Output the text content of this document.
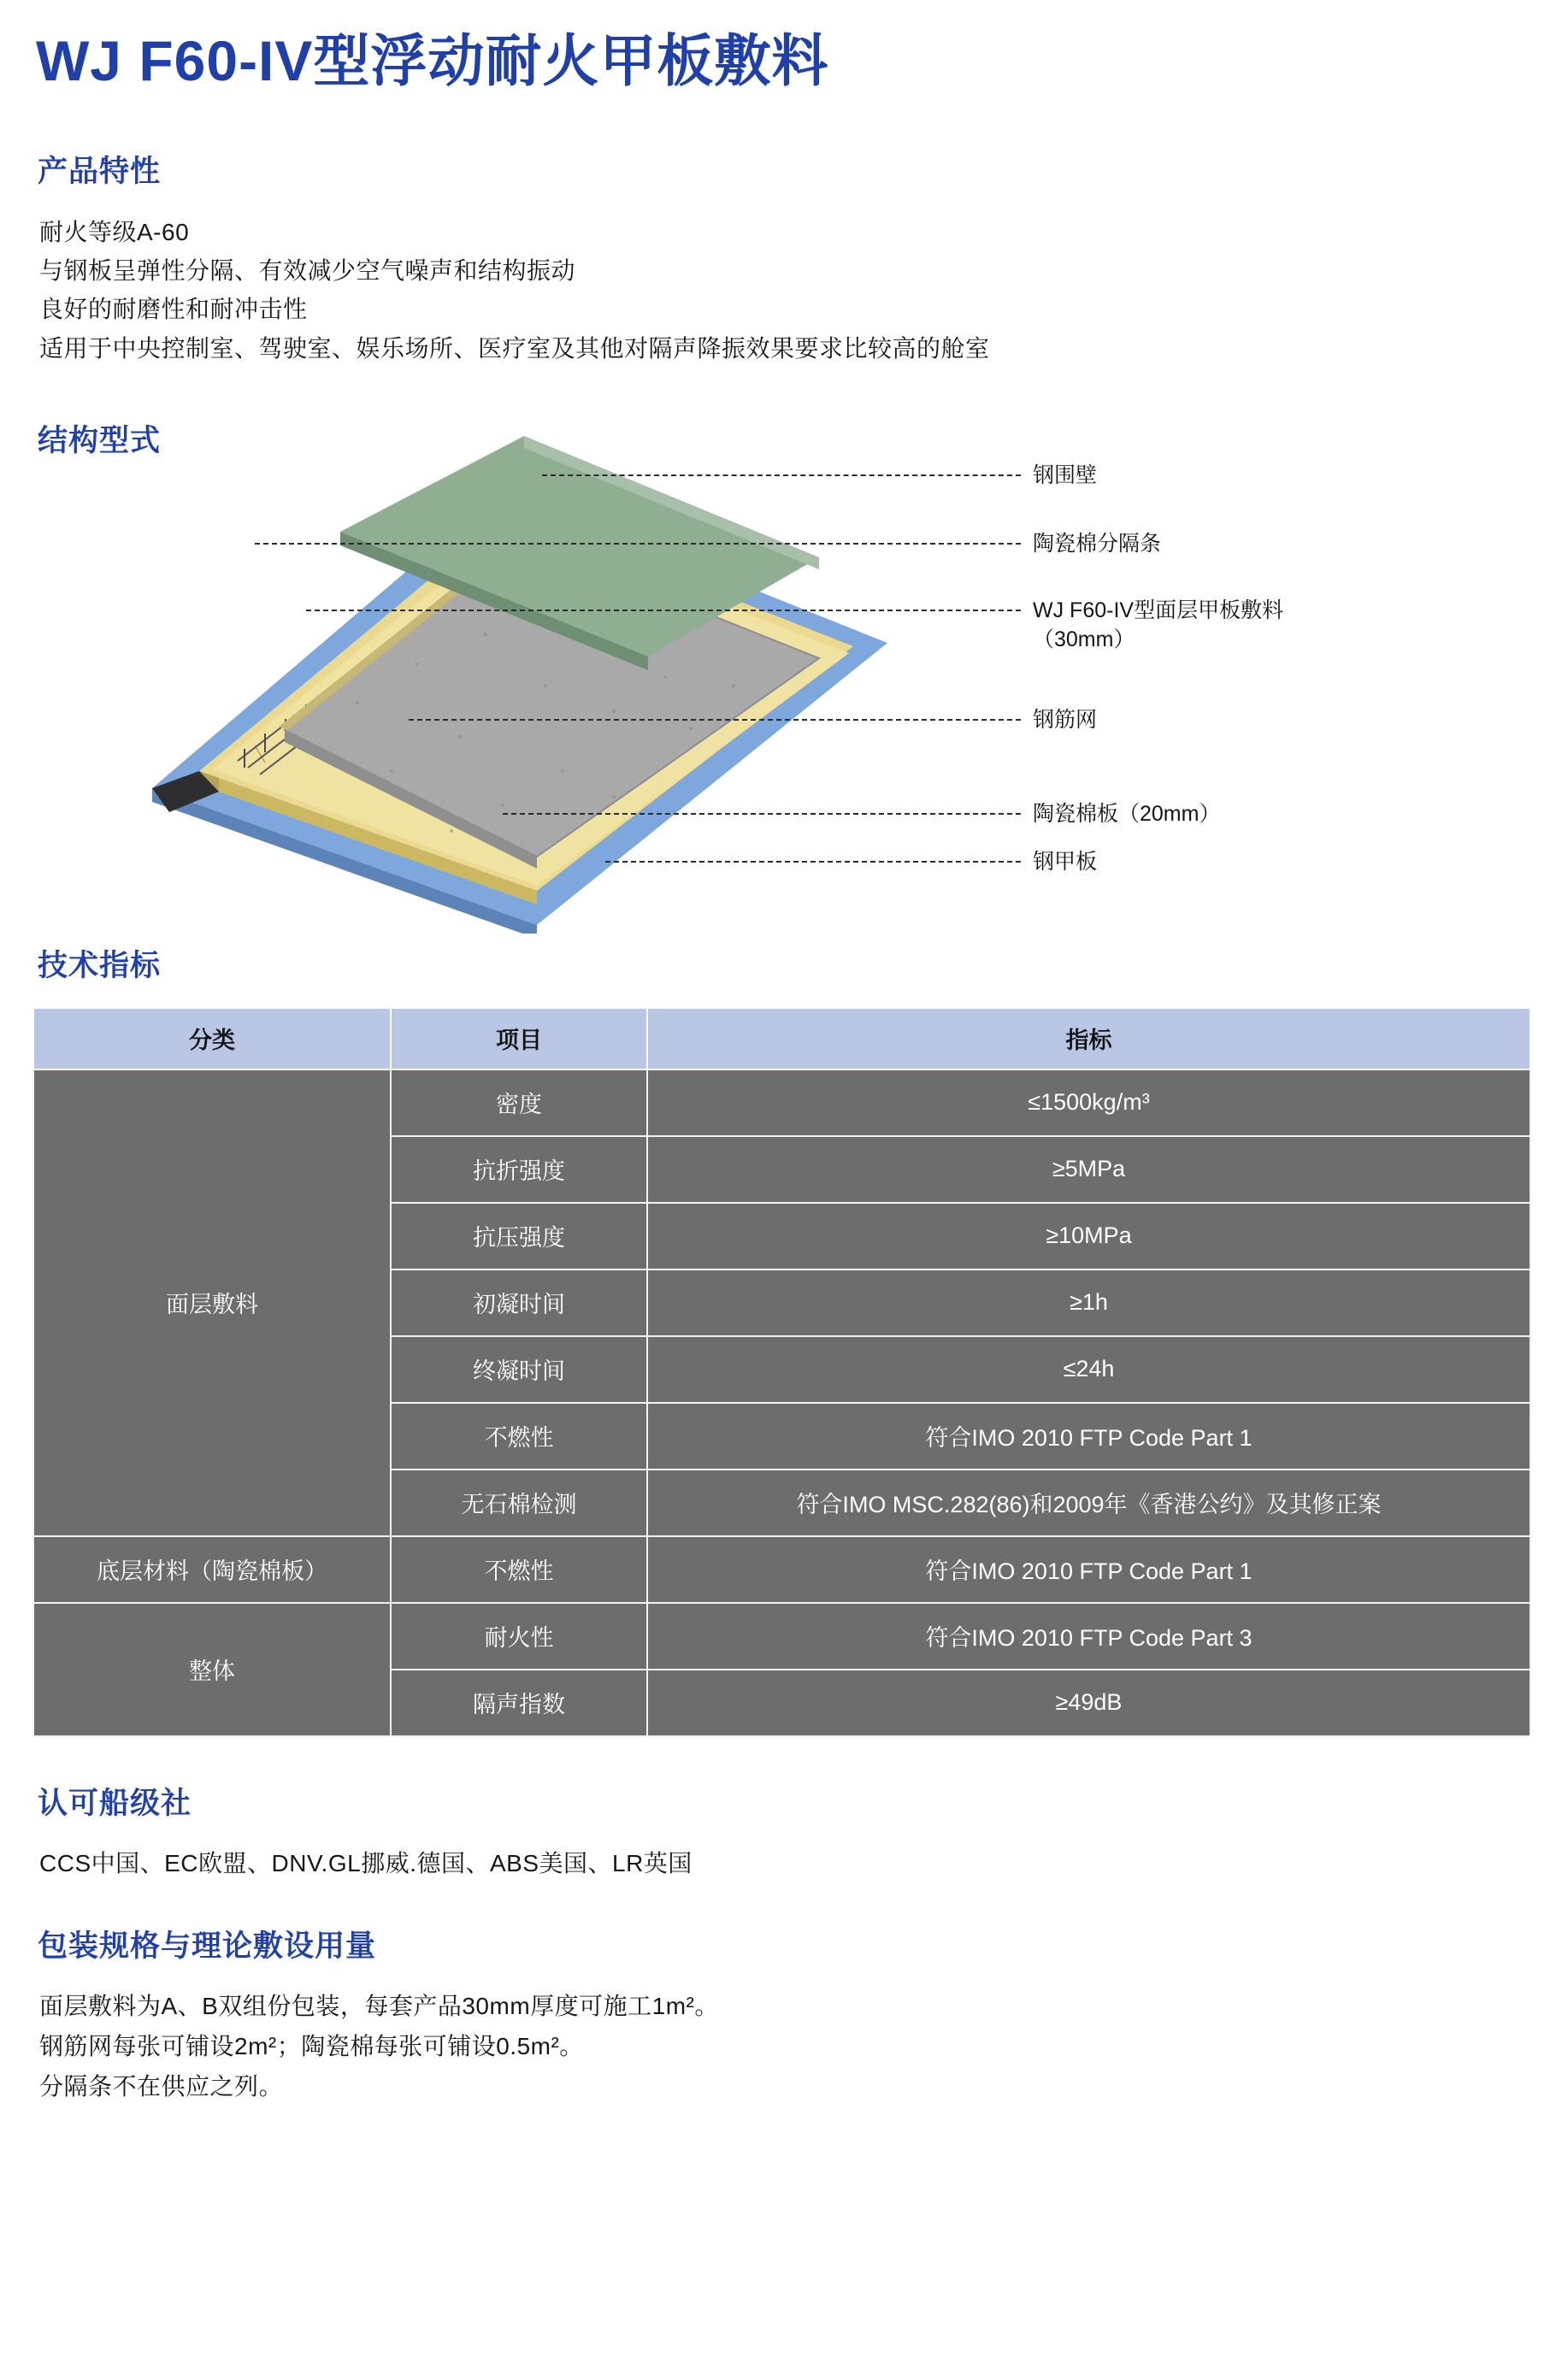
WJ F60-IV型浮动耐火甲板敷料
产品特性
耐火等级A-60
与钢板呈弹性分隔、有效减少空气噪声和结构振动
良好的耐磨性和耐冲击性
适用于中央控制室、驾驶室、娱乐场所、医疗室及其他对隔声降振效果要求比较高的舱室
结构型式
钢围壁
陶瓷棉分隔条
WJ F60-IV型面层甲板敷料
（30mm）
钢筋网
陶瓷棉板（20mm）
钢甲板
技术指标
分类	项目	指标
面层敷料	密度	≤1500kg/m³
	抗折强度	≥5MPa
	抗压强度	≥10MPa
	初凝时间	≥1h
	终凝时间	≤24h
	不燃性	符合IMO 2010 FTP Code Part 1
	无石棉检测	符合IMO MSC.282(86)和2009年《香港公约》及其修正案
底层材料（陶瓷棉板）	不燃性	符合IMO 2010 FTP Code Part 1
整体	耐火性	符合IMO 2010 FTP Code Part 3
	隔声指数	≥49dB
认可船级社
CCS中国、EC欧盟、DNV.GL挪威.德国、ABS美国、LR英国
包装规格与理论敷设用量
面层敷料为A、B双组份包装，每套产品30mm厚度可施工1m²。
钢筋网每张可铺设2m²；陶瓷棉每张可铺设0.5m²。
分隔条不在供应之列。
